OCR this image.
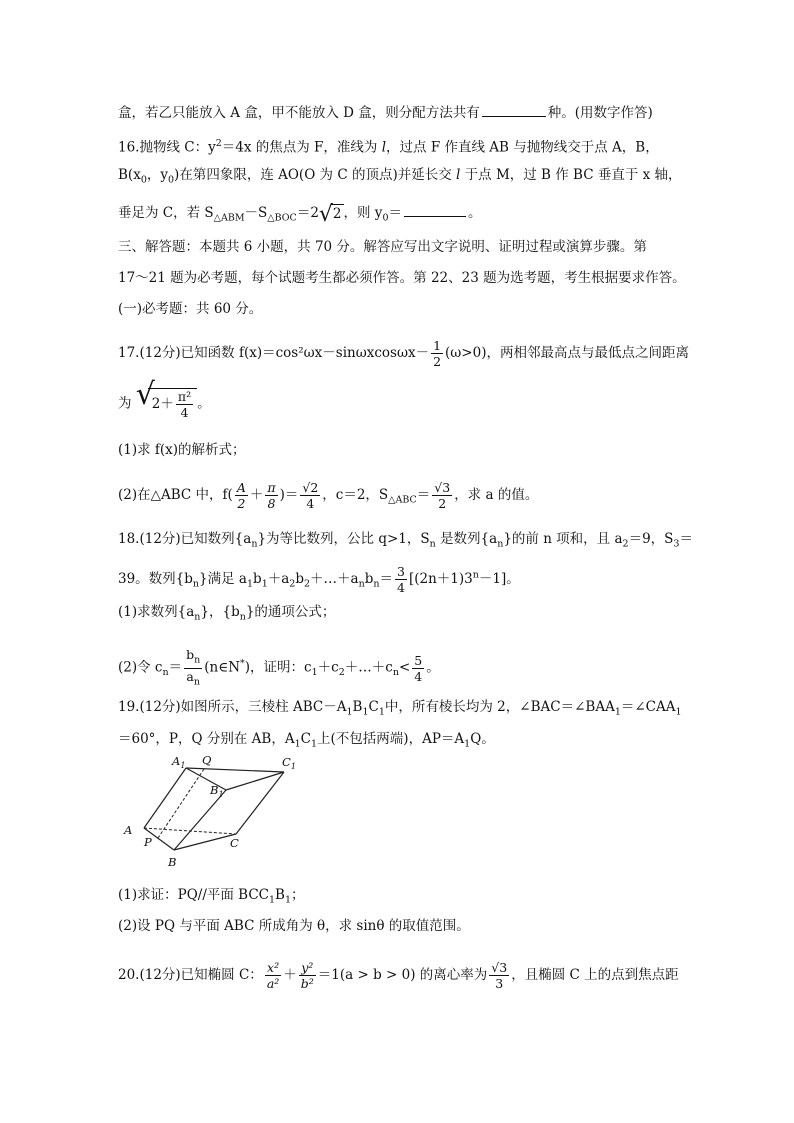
盒，若乙只能放入 A 盒，甲不能放入 D 盒，则分配方法共有	种。(用数字作答)
16.抛物线 C：$y^2=4x$ 的焦点为 F，准线为 l，过点 F 作直线 AB 与抛物线交于点 A，B，
$B(x_0$，$y_0$)在第四象限，连 AO(O 为 C 的顶点)并延长交 l 于点 M，过 B 作 BC 垂直于 x 轴，
垂足为 C，若 $S_{\triangle ABM}-S_{\triangle BOC}=2$ √ 2 ，则 $y_0=$	。
三、解答题：本题共 6 小题，共 70 分。解答应写出文字说明、证明过程或演算步骤。第
17～21 题为必考题，每个试题考生都必须作答。第 22、23 题为选考题，考生根据要求作答。
(一)必考题：共 60 分。
17.(12分)已知函数 $f(x)=\cos^2\omega x-\sin\omega xcos\omega x- \frac{1}{2} (\omega>0)$，两相邻最高点与最低点之间距离
为 √
$2+ \frac{\text{π²}}{4}$ 。
(1)求 f(x)的解析式；
(2)在△ABC 中，$f( \frac{A}{2} + \frac{\pi}{8}$ )＝ $\frac{√2}{4}$ ，c＝2，$S_{\triangle ABC}= \frac{√3}{2}$ ，求 a 的值。
18.(12分)已知数列$\{a_n\}$为等比数列，公比 q>1，$S_n$ 是数列$\{a_n\}$的前 n 项和，且 $a_2=9$，$S_3=$
39。数列$\{b_n\}$满足 $a_1b_1+a_2b_2+\dots+a_nb_n= \frac{3}{4} [(2n+1)3^n-1]$。
(1)求数列$\{a_n\}$，$\{b_n\}$的通项公式；
(2)令 $c_n= \frac{b_n}{a_n}$ (n∈N*)，证明：$c_1+c_2+\dots+c_n< \frac{5}{4}$ 。
19.(12分)如图所示，三棱柱 $ABC-A_1B_1C_1$中，所有棱长均为 2，$\angle BAC=\angle BAA_1=\angle CAA_1$
＝60°，P，Q 分别在 AB，$A_1C_1$上(不包括两端)，$AP=A_1Q$。
$A_1$ Q	$C_1$
$B_1$
A
P
B
C
(1)求证：PQ//平面 $BCC_1B_1$；
(2)设 PQ 与平面 ABC 所成角为 θ，求 sinθ 的取值范围。
20.(12分)已知椭圆 C： $\frac{\text{x²}}{\text{a²}} + \frac{\text{y²}}{\text{b²}} =1(a > b > 0)$ 的离心率为 $\frac{√3}{3}$ ，且椭圆 C 上的点到焦点距
